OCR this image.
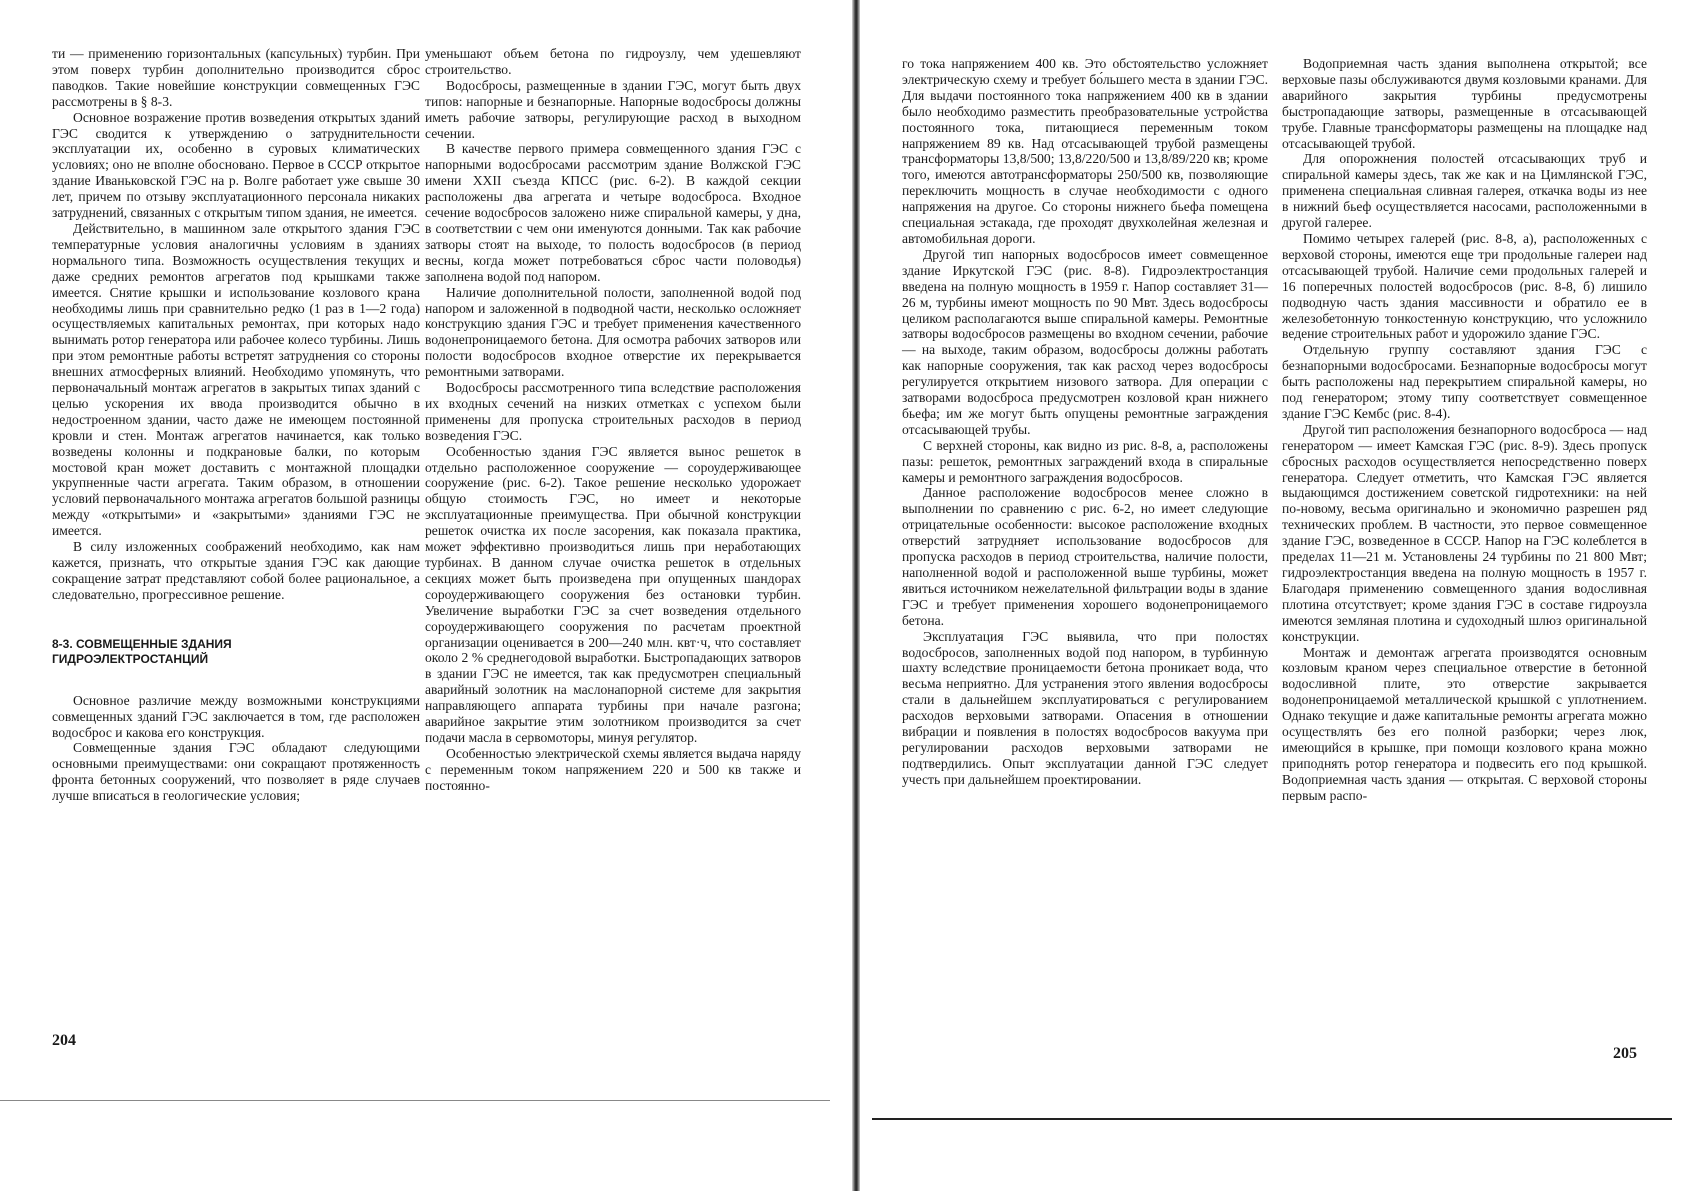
ти — применению горизонтальных (капсульных) турбин. При этом поверх турбин дополнительно производится сброс паводков. Такие новейшие конструкции совмещенных ГЭС рассмотрены в § 8-3.

Основное возражение против возведения открытых зданий ГЭС сводится к утверждению о затруднительности эксплуатации их, особенно в суровых климатических условиях; оно не вполне обосновано. Первое в СССР открытое здание Иваньковской ГЭС на р. Волге работает уже свыше 30 лет, причем по отзыву эксплуатационного персонала никаких затруднений, связанных с открытым типом здания, не имеется.

Действительно, в машинном зале открытого здания ГЭС температурные условия аналогичны условиям в зданиях нормального типа. Возможность осуществления текущих и даже средних ремонтов агрегатов под крышками также имеется. Снятие крышки и использование козлового крана необходимы лишь при сравнительно редко (1 раз в 1—2 года) осуществляемых капитальных ремонтах, при которых надо вынимать ротор генератора или рабочее колесо турбины. Лишь при этом ремонтные работы встретят затруднения со стороны внешних атмосферных влияний. Необходимо упомянуть, что первоначальный монтаж агрегатов в закрытых типах зданий с целью ускорения их ввода производится обычно в недостроенном здании, часто даже не имеющем постоянной кровли и стен. Монтаж агрегатов начинается, как только возведены колонны и подкрановые балки, по которым мостовой кран может доставить с монтажной площадки укрупненные части агрегата. Таким образом, в отношении условий первоначального монтажа агрегатов большой разницы между «открытыми» и «закрытыми» зданиями ГЭС не имеется.

В силу изложенных соображений необходимо, как нам кажется, признать, что открытые здания ГЭС как дающие сокращение затрат представляют собой более рациональное, а следовательно, прогрессивное решение.

8-3. СОВМЕЩЕННЫЕ ЗДАНИЯ
ГИДРОЭЛЕКТРОСТАНЦИЙ

Основное различие между возможными конструкциями совмещенных зданий ГЭС заключается в том, где расположен водосброс и какова его конструкция.

Совмещенные здания ГЭС обладают следующими основными преимуществами: они сокращают протяженность фронта бетонных сооружений, что позволяет в ряде случаев лучше вписаться в геологические условия;

уменьшают объем бетона по гидроузлу, чем удешевляют строительство.

Водосбросы, размещенные в здании ГЭС, могут быть двух типов: напорные и безнапорные. Напорные водосбросы должны иметь рабочие затворы, регулирующие расход в выходном сечении.

В качестве первого примера совмещенного здания ГЭС с напорными водосбросами рассмотрим здание Волжской ГЭС имени XXII съезда КПСС (рис. 6-2). В каждой секции расположены два агрегата и четыре водосброса. Входное сечение водосбросов заложено ниже спиральной камеры, у дна, в соответствии с чем они именуются донными. Так как рабочие затворы стоят на выходе, то полость водосбросов (в период весны, когда может потребоваться сброс части половодья) заполнена водой под напором.

Наличие дополнительной полости, заполненной водой под напором и заложенной в подводной части, несколько осложняет конструкцию здания ГЭС и требует применения качественного водонепроницаемого бетона. Для осмотра рабочих затворов или полости водосбросов входное отверстие их перекрывается ремонтными затворами.

Водосбросы рассмотренного типа вследствие расположения их входных сечений на низких отметках с успехом были применены для пропуска строительных расходов в период возведения ГЭС.

Особенностью здания ГЭС является вынос решеток в отдельно расположенное сооружение — сороудерживающее сооружение (рис. 6-2). Такое решение несколько удорожает общую стоимость ГЭС, но имеет и некоторые эксплуатационные преимущества. При обычной конструкции решеток очистка их после засорения, как показала практика, может эффективно производиться лишь при неработающих турбинах. В данном случае очистка решеток в отдельных секциях может быть произведена при опущенных шандорах сороудерживающего сооружения без остановки турбин. Увеличение выработки ГЭС за счет возведения отдельного сороудерживающего сооружения по расчетам проектной организации оценивается в 200—240 млн. квт·ч, что составляет около 2 % среднегодовой выработки. Быстропадающих затворов в здании ГЭС не имеется, так как предусмотрен специальный аварийный золотник на маслонапорной системе для закрытия направляющего аппарата турбины при начале разгона; аварийное закрытие этим золотником производится за счет подачи масла в сервомоторы, минуя регулятор.

Особенностью электрической схемы является выдача наряду с переменным током напряжением 220 и 500 кв также и постоянно-

204

го тока напряжением 400 кв. Это обстоятельство усложняет электрическую схему и требует бо́льшего места в здании ГЭС. Для выдачи постоянного тока напряжением 400 кв в здании было необходимо разместить преобразовательные устройства постоянного тока, питающиеся переменным током напряжением 89 кв. Над отсасывающей трубой размещены трансформаторы 13,8/500; 13,8/220/500 и 13,8/89/220 кв; кроме того, имеются автотрансформаторы 250/500 кв, позволяющие переключить мощность в случае необходимости с одного напряжения на другое. Со стороны нижнего бьефа помещена специальная эстакада, где проходят двухколейная железная и автомобильная дороги.

Другой тип напорных водосбросов имеет совмещенное здание Иркутской ГЭС (рис. 8-8). Гидроэлектростанция введена на полную мощность в 1959 г. Напор составляет 31—26 м, турбины имеют мощность по 90 Мвт. Здесь водосбросы целиком располагаются выше спиральной камеры. Ремонтные затворы водосбросов размещены во входном сечении, рабочие — на выходе, таким образом, водосбросы должны работать как напорные сооружения, так как расход через водосбросы регулируется открытием низового затвора. Для операции с затворами водосброса предусмотрен козловой кран нижнего бьефа; им же могут быть опущены ремонтные заграждения отсасывающей трубы.

С верхней стороны, как видно из рис. 8-8, а, расположены пазы: решеток, ремонтных заграждений входа в спиральные камеры и ремонтного заграждения водосбросов.

Данное расположение водосбросов менее сложно в выполнении по сравнению с рис. 6-2, но имеет следующие отрицательные особенности: высокое расположение входных отверстий затрудняет использование водосбросов для пропуска расходов в период строительства, наличие полости, наполненной водой и расположенной выше турбины, может явиться источником нежелательной фильтрации воды в здание ГЭС и требует применения хорошего водонепроницаемого бетона.

Эксплуатация ГЭС выявила, что при полостях водосбросов, заполненных водой под напором, в турбинную шахту вследствие проницаемости бетона проникает вода, что весьма неприятно. Для устранения этого явления водосбросы стали в дальнейшем эксплуатироваться с регулированием расходов верховыми затворами. Опасения в отношении вибрации и появления в полостях водосбросов вакуума при регулировании расходов верховыми затворами не подтвердились. Опыт эксплуатации данной ГЭС следует учесть при дальнейшем проектировании.

Водоприемная часть здания выполнена открытой; все верховые пазы обслуживаются двумя козловыми кранами. Для аварийного закрытия турбины предусмотрены быстропадающие затворы, размещенные в отсасывающей трубе. Главные трансформаторы размещены на площадке над отсасывающей трубой.

Для опорожнения полостей отсасывающих труб и спиральной камеры здесь, так же как и на Цимлянской ГЭС, применена специальная сливная галерея, откачка воды из нее в нижний бьеф осуществляется насосами, расположенными в другой галерее.

Помимо четырех галерей (рис. 8-8, а), расположенных с верховой стороны, имеются еще три продольные галереи над отсасывающей трубой. Наличие семи продольных галерей и 16 поперечных полостей водосбросов (рис. 8-8, б) лишило подводную часть здания массивности и обратило ее в железобетонную тонкостенную конструкцию, что усложнило ведение строительных работ и удорожило здание ГЭС.

Отдельную группу составляют здания ГЭС с безнапорными водосбросами. Безнапорные водосбросы могут быть расположены над перекрытием спиральной камеры, но под генератором; этому типу соответствует совмещенное здание ГЭС Кембс (рис. 8-4).

Другой тип расположения безнапорного водосброса — над генератором — имеет Камская ГЭС (рис. 8-9). Здесь пропуск сбросных расходов осуществляется непосредственно поверх генератора. Следует отметить, что Камская ГЭС является выдающимся достижением советской гидротехники: на ней по-новому, весьма оригинально и экономично разрешен ряд технических проблем. В частности, это первое совмещенное здание ГЭС, возведенное в СССР. Напор на ГЭС колеблется в пределах 11—21 м. Установлены 24 турбины по 21 800 Мвт; гидроэлектростанция введена на полную мощность в 1957 г. Благодаря применению совмещенного здания водосливная плотина отсутствует; кроме здания ГЭС в составе гидроузла имеются земляная плотина и судоходный шлюз оригинальной конструкции.

Монтаж и демонтаж агрегата производятся основным козловым краном через специальное отверстие в бетонной водосливной плите, это отверстие закрывается водонепроницаемой металлической крышкой с уплотнением. Однако текущие и даже капитальные ремонты агрегата можно осуществлять без его полной разборки; через люк, имеющийся в крышке, при помощи козлового крана можно приподнять ротор генератора и подвесить его под крышкой. Водоприемная часть здания — открытая. С верховой стороны первым распо-

205
